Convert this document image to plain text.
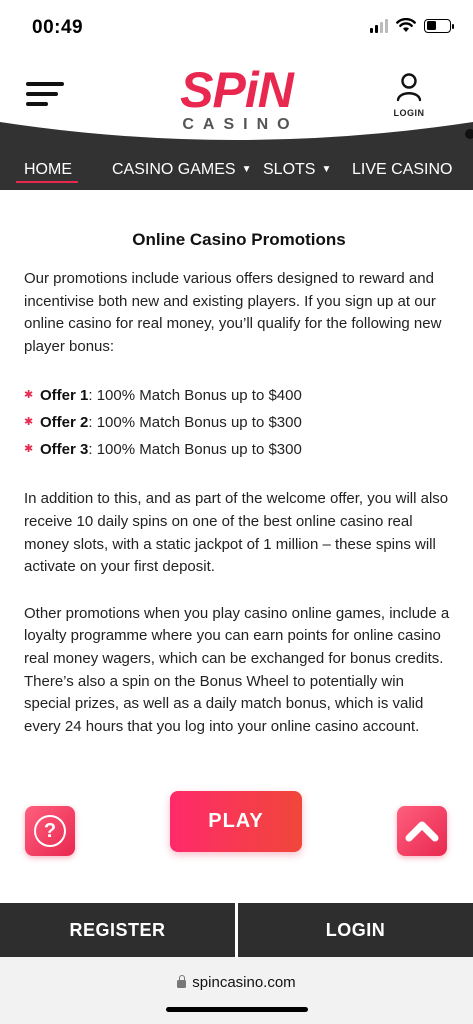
00:49
SPiN
CASINO
LOGIN
HOME	CASINO GAMES ▼ SLOTS ▼ LIVE CASINO
Online Casino Promotions

Our promotions include various offers designed to reward and incentivise both new and existing players. If you sign up at our online casino for real money, you’ll qualify for the following new player bonus:

✱ Offer 1 : 100% Match Bonus up to $400
✱ Offer 2 : 100% Match Bonus up to $300
✱ Offer 3 : 100% Match Bonus up to $300

In addition to this, and as part of the welcome offer, you will also receive 10 daily spins on one of the best online casino real money slots, with a static jackpot of 1 million – these spins will activate on your first deposit.

Other promotions when you play casino online games, include a loyalty programme where you can earn points for online casino real money wagers, which can be exchanged for bonus credits. There’s also a spin on the Bonus Wheel to potentially win special prizes, as well as a daily match bonus, which is valid every 24 hours that you log into your online casino account.

?	PLAY
REGISTER	LOGIN
spincasino.com
